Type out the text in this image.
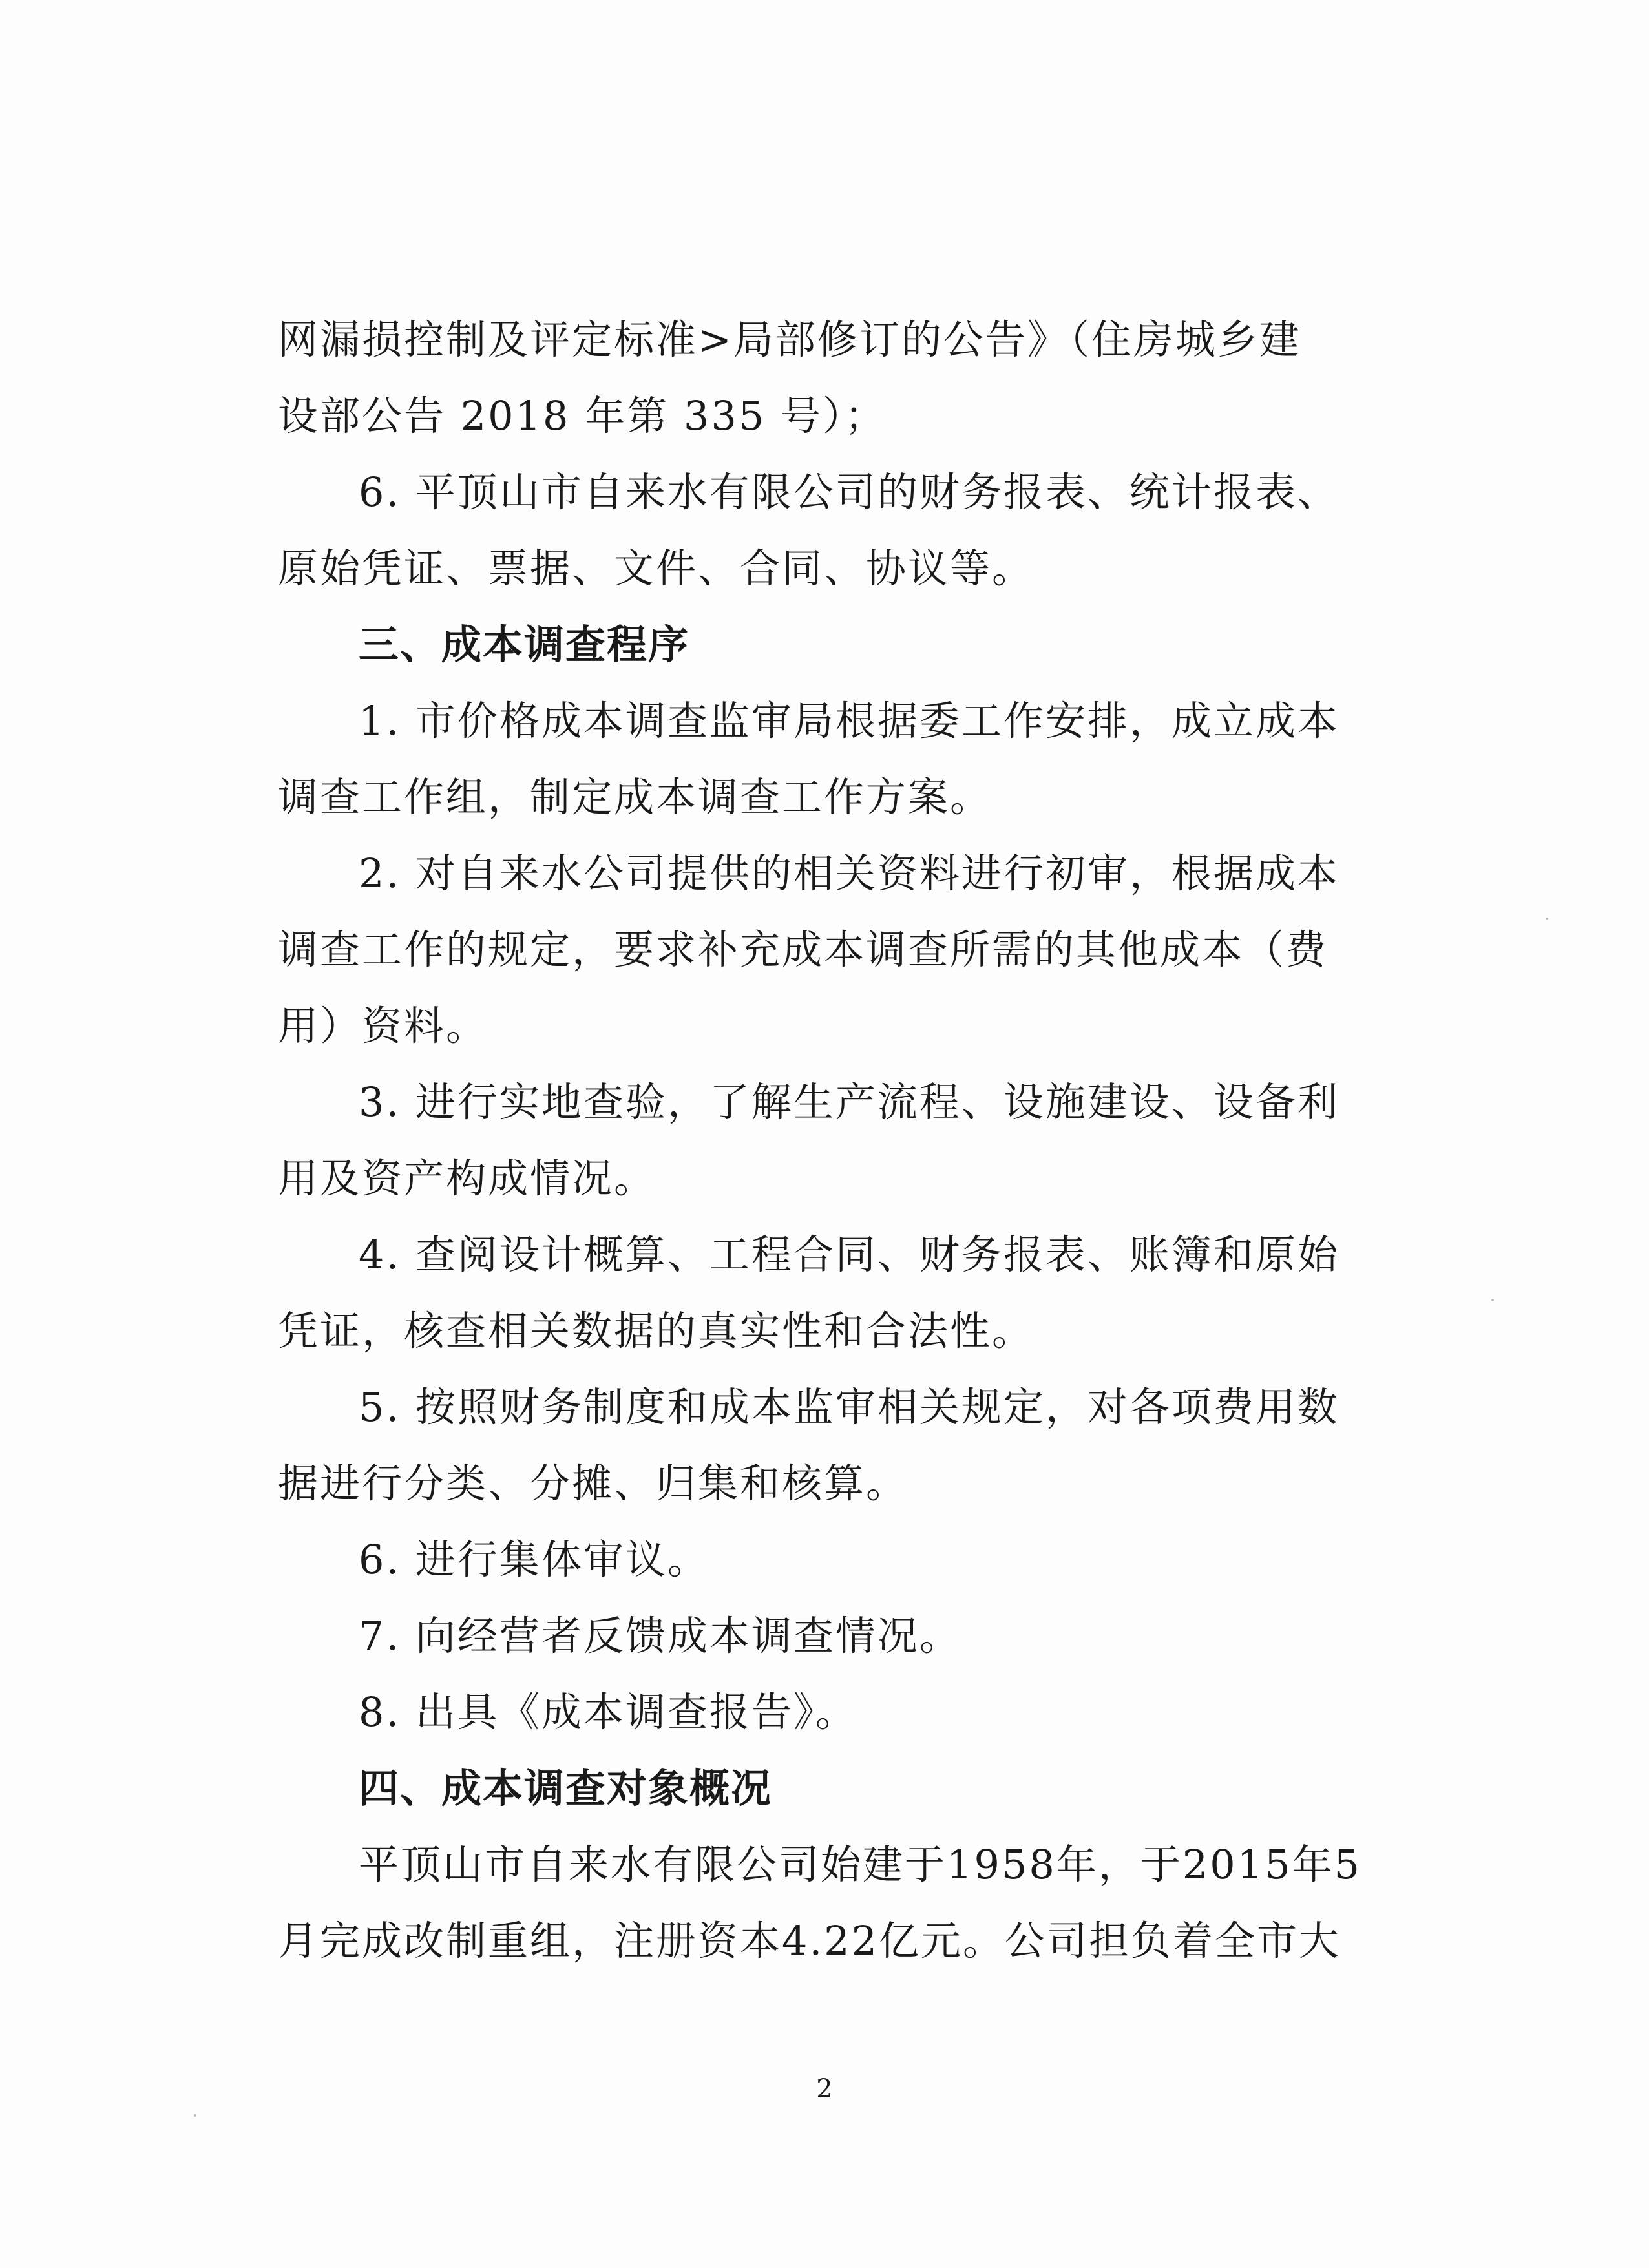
网漏损控制及评定标准>局部修订的公告》（住房城乡建
设部公告 2018 年第 335 号）；
6. 平顶山市自来水有限公司的财务报表、统计报表、
原始凭证、票据、文件、合同、协议等。
三、成本调查程序
1. 市价格成本调查监审局根据委工作安排，成立成本
调查工作组，制定成本调查工作方案。
2. 对自来水公司提供的相关资料进行初审，根据成本
调查工作的规定，要求补充成本调查所需的其他成本（费
用）资料。
3. 进行实地查验，了解生产流程、设施建设、设备利
用及资产构成情况。
4. 查阅设计概算、工程合同、财务报表、账簿和原始
凭证，核查相关数据的真实性和合法性。
5. 按照财务制度和成本监审相关规定，对各项费用数
据进行分类、分摊、归集和核算。
6. 进行集体审议。
7. 向经营者反馈成本调查情况。
8. 出具《成本调查报告》。
四、成本调查对象概况
平顶山市自来水有限公司始建于1958年，于2015年5
月完成改制重组，注册资本4.22亿元。公司担负着全市大
2
